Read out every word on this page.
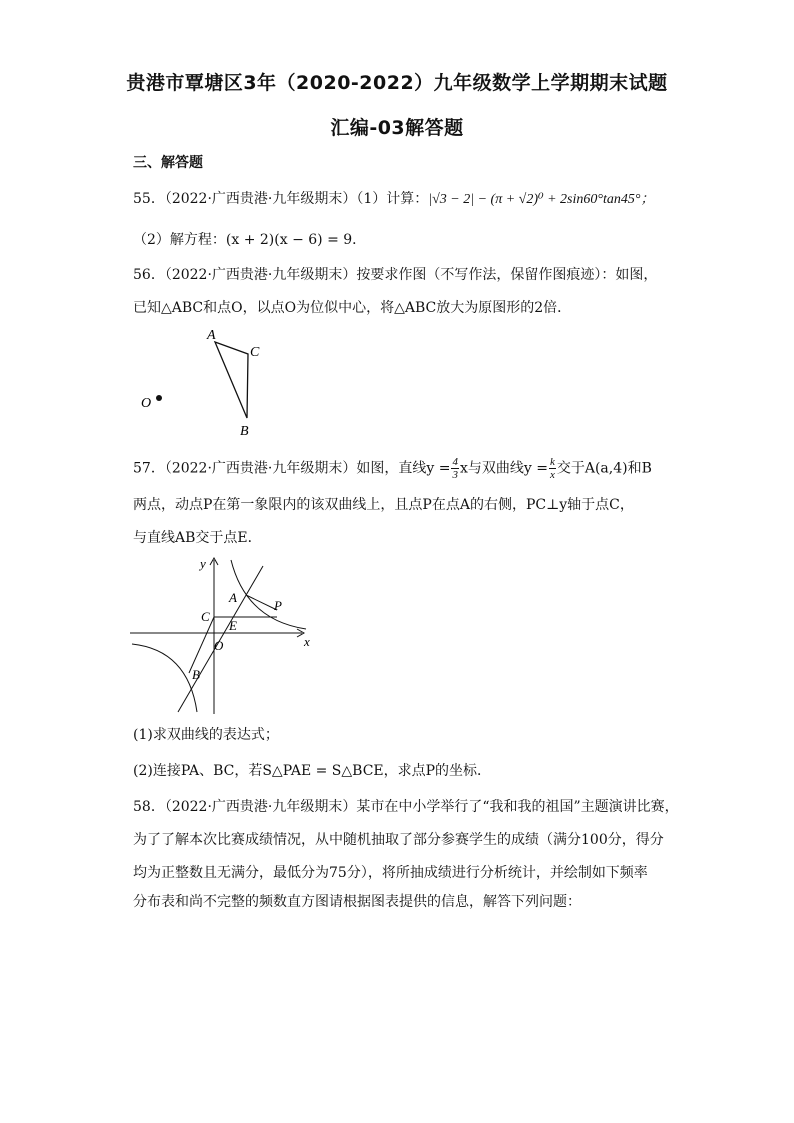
贵港市覃塘区3年（2020-2022）九年级数学上学期期末试题
汇编-03解答题
三、解答题
55．（2022·广西贵港·九年级期末）（1）计算：|√3 − 2| − (π + √2)⁰ + 2sin60°tan45°；
（2）解方程：(x + 2)(x − 6) = 9．
56．（2022·广西贵港·九年级期末）按要求作图（不写作法，保留作图痕迹）：如图，
已知△ABC和点O，以点O为位似中心，将△ABC放大为原图形的2倍．
A
C
B
O
57．（2022·广西贵港·九年级期末）如图，直线$y = \frac{4}{3}$ x与双曲线$y = \frac{k}{x}$ 交于A(a,4)和B
两点，动点P在第一象限内的该双曲线上，且点P在点A的右侧，PC⊥y轴于点C，
与直线AB交于点E．
y
x
A
P
C
E
O
B
(1)求双曲线的表达式；
(2)连接PA、BC，若S△PAE = S△BCE，求点P的坐标．
58．（2022·广西贵港·九年级期末）某市在中小学举行了“我和我的祖国”主题演讲比赛，
为了了解本次比赛成绩情况，从中随机抽取了部分参赛学生的成绩（满分100分，得分
均为正整数且无满分，最低分为75分），将所抽成绩进行分析统计，并绘制如下频率
分布表和尚不完整的频数直方图请根据图表提供的信息，解答下列问题：
